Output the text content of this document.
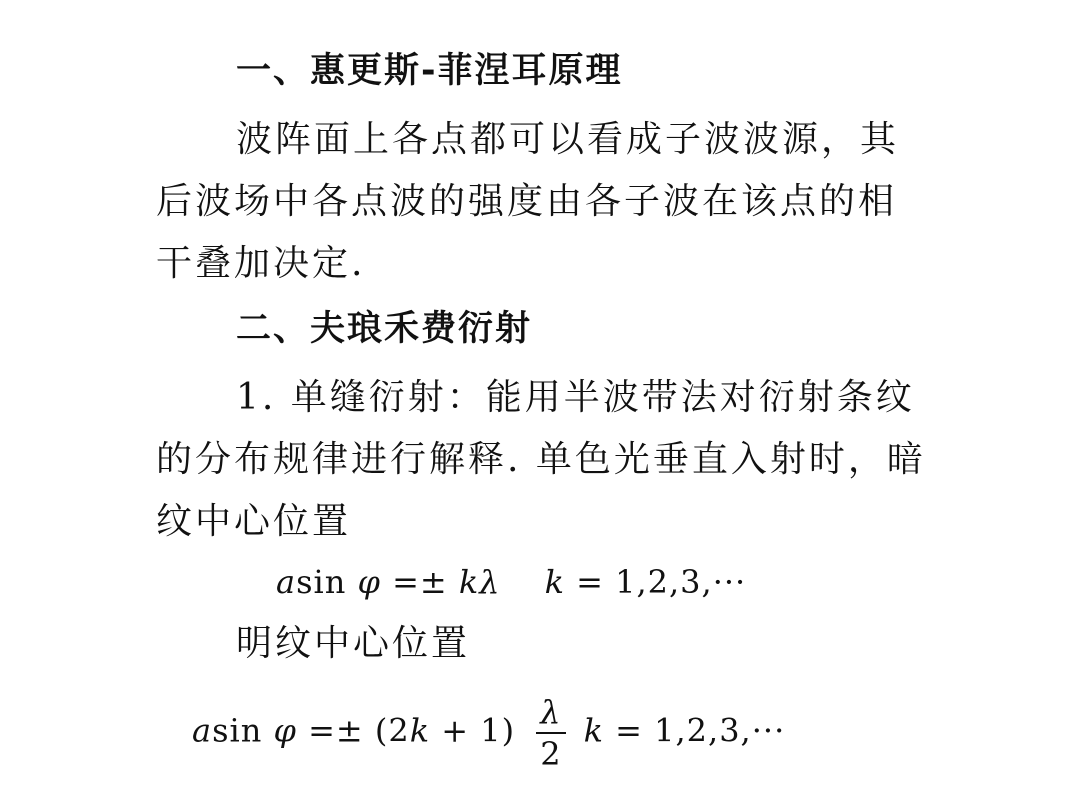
一、惠更斯-菲涅耳原理
波阵面上各点都可以看成子波波源，其
后波场中各点波的强度由各子波在该点的相
干叠加决定.
二、夫琅禾费衍射
1. 单缝衍射：能用半波带法对衍射条纹
的分布规律进行解释. 单色光垂直入射时，暗
纹中心位置
asin φ =± kλ k = 1,2,3,···
明纹中心位置
asin $\varphi =\pm (2k + 1) \frac{\lambda}{2}$ k = 1,2,3,···
